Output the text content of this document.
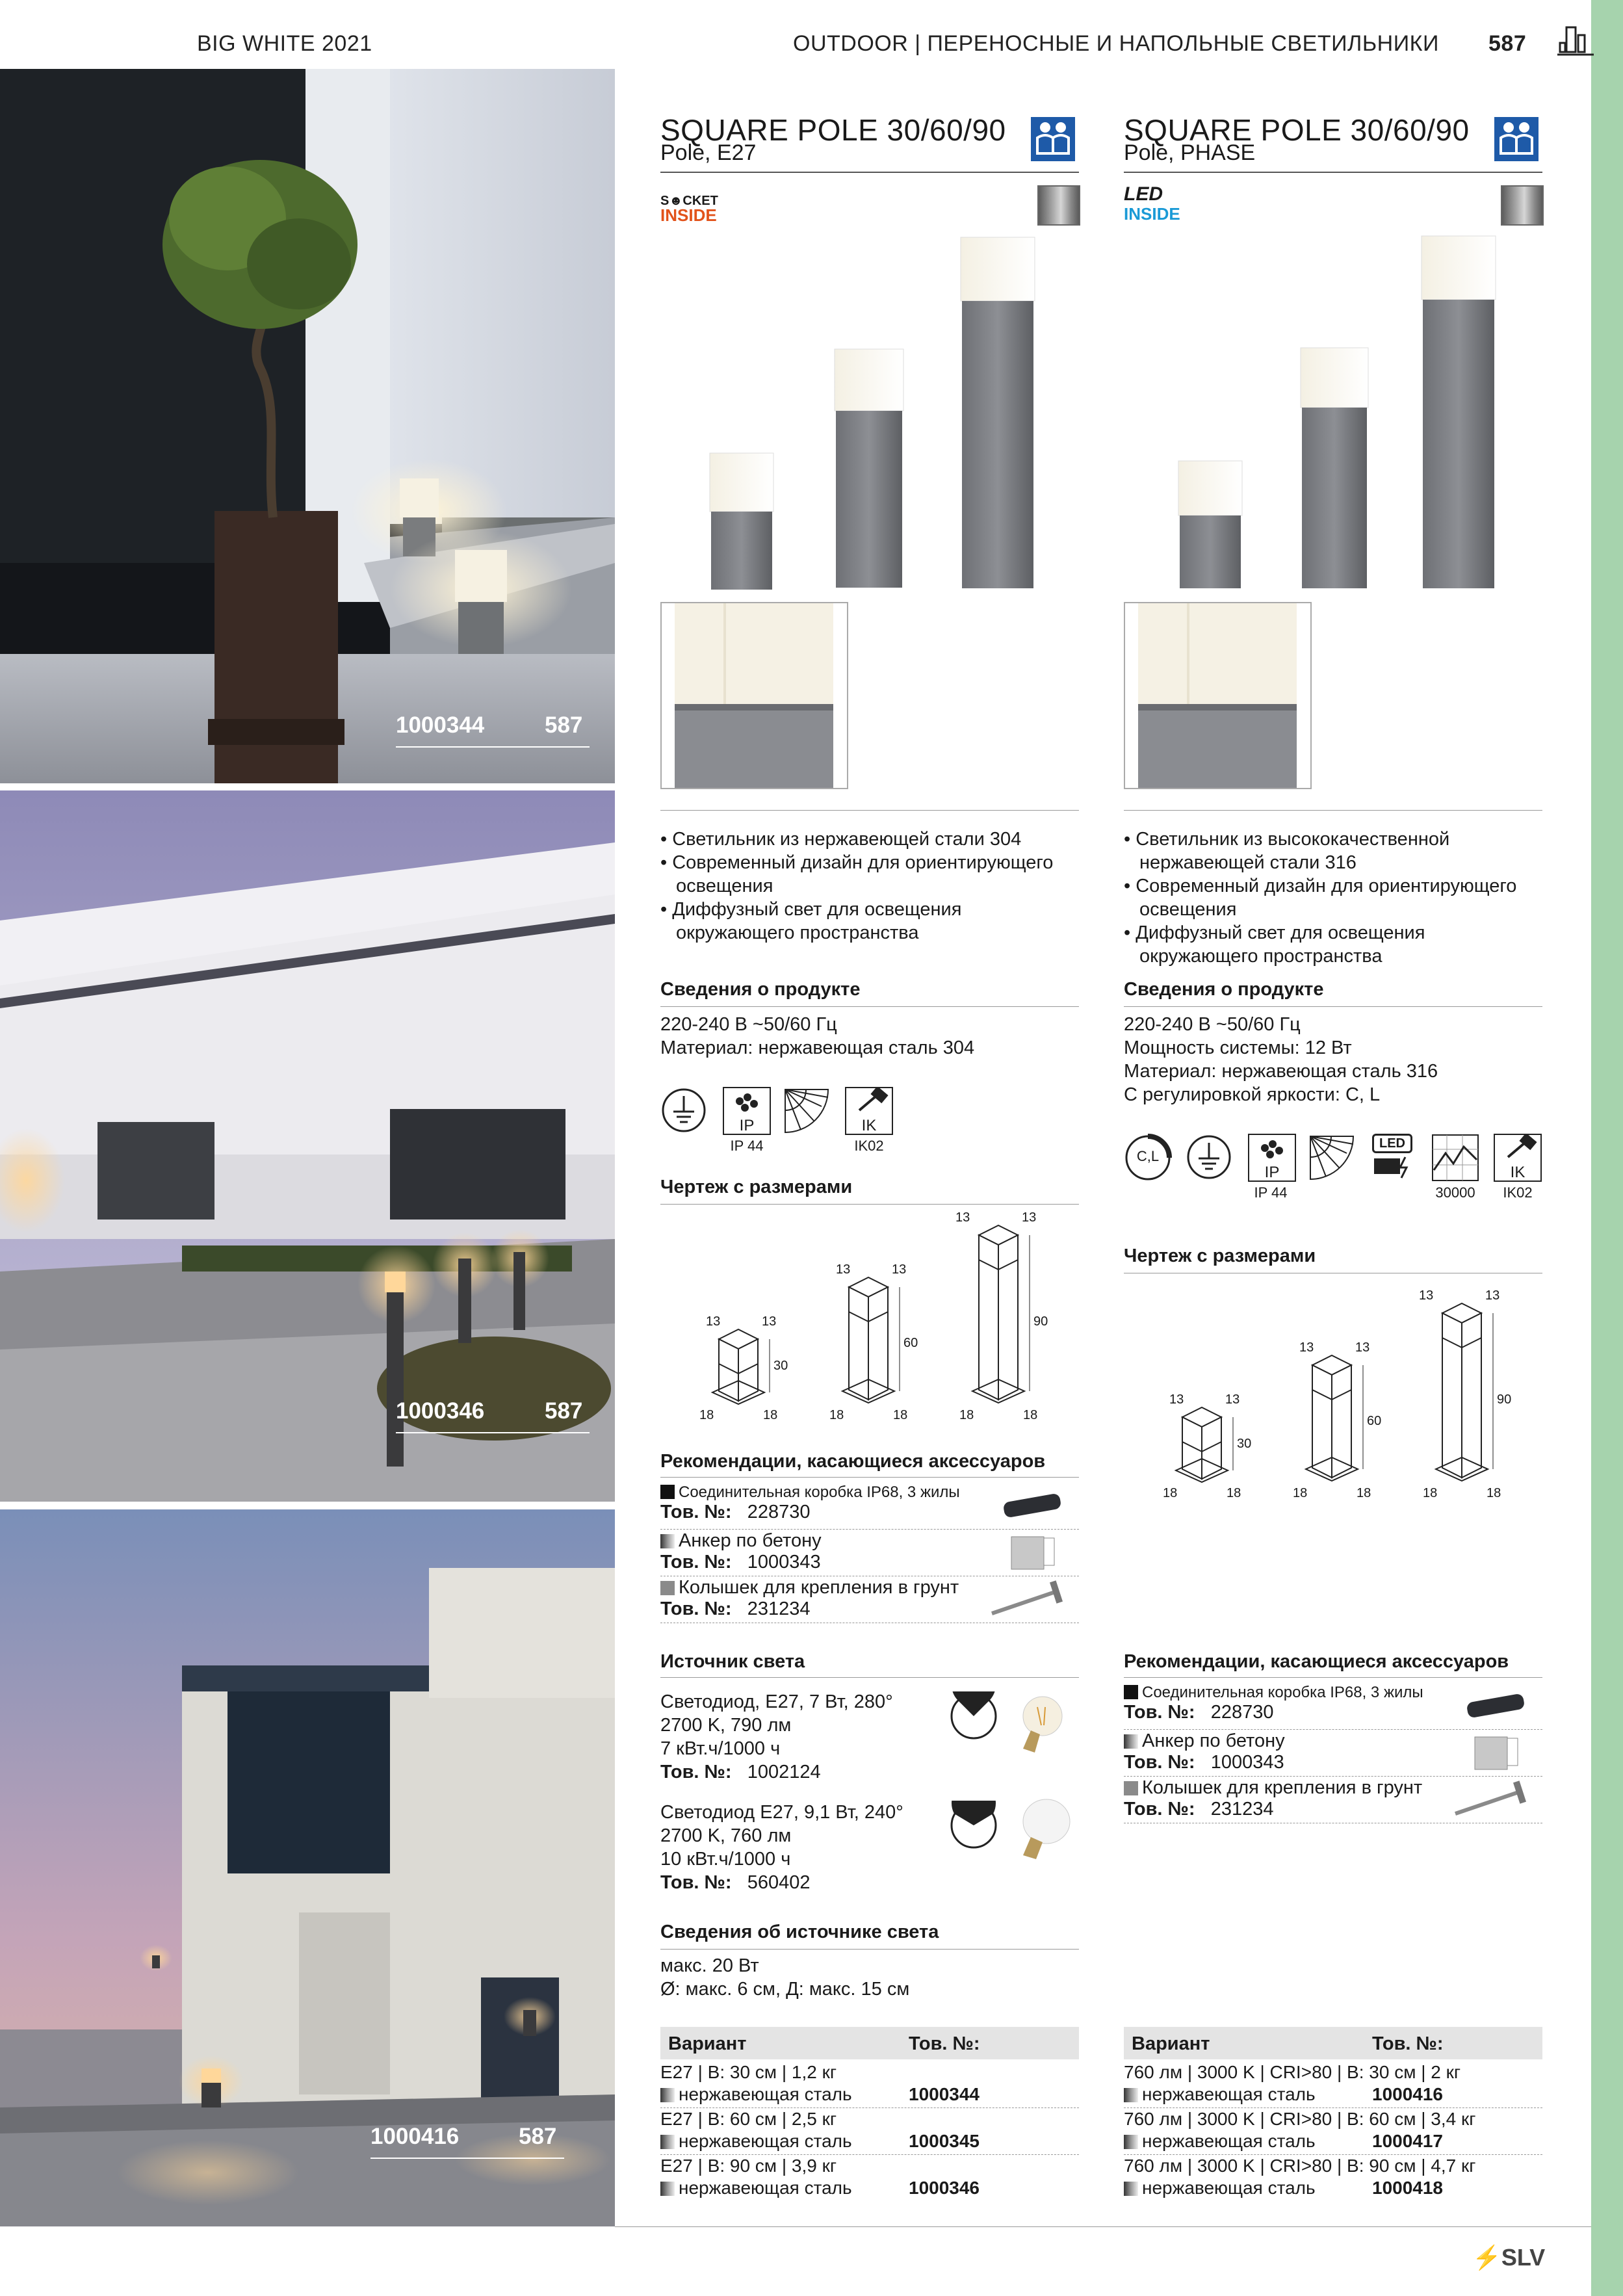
BIG WHITE 2021	OUTDOOR | ПЕРЕНОСНЫЕ И НАПОЛЬНЫЕ СВЕТИЛЬНИКИ 587
1000344	587
1000346	587
1000416	587
SQUARE POLE 30/60/90
Pole, E27
S☻CKET
INSIDE
• Светильник из нержавеющей стали 304
• Современный дизайн для ориентирующего освещения
• Диффузный свет для освещения окружающего пространства
Сведения о продукте
220-240 В ~50/60 Гц
Материал: нержавеющая сталь 304
IP	IK
IP 44	IK02
Чертеж с размерами
13	13
18	18
30
13	13
18	18
60
13	13
18	18
90
Рекомендации, касающиеся аксессуаров
Соединительная коробка IP68, 3 жилы
Тов. №: 228730
Анкер по бетону
Тов. №: 1000343
Колышек для крепления в грунт
Тов. №: 231234
Источник света
Светодиод, E27, 7 Вт, 280°
2700 K, 790 лм
7 кВт.ч/1000 ч
Тов. №: 1002124
Светодиод E27, 9,1 Вт, 240°
2700 K, 760 лм
10 кВт.ч/1000 ч
Тов. №: 560402
Сведения об источнике света
макс. 20 Вт
Ø: макс. 6 см, Д: макс. 15 см
Вариант	Тов. №:
E27 | В: 30 см | 1,2 кг
нержавеющая сталь	1000344
E27 | В: 60 см | 2,5 кг
нержавеющая сталь	1000345
E27 | В: 90 см | 3,9 кг
нержавеющая сталь	1000346
SQUARE POLE 30/60/90
Pole, PHASE
LED
INSIDE
• Светильник из высококачественной нержавеющей стали 316
• Современный дизайн для ориентирующего освещения
• Диффузный свет для освещения окружающего пространства
Сведения о продукте
220-240 В ~50/60 Гц
Мощность системы: 12 Вт
Материал: нержавеющая сталь 316
С регулировкой яркости: C, L
C,L
IP
LED
IK
IP 44	30000	IK02
Чертеж с размерами
13	13
18	18
30
13	13
18	18
60
13	13
18	18
90
Рекомендации, касающиеся аксессуаров
Соединительная коробка IP68, 3 жилы
Тов. №: 228730
Анкер по бетону
Тов. №: 1000343
Колышек для крепления в грунт
Тов. №: 231234
Вариант	Тов. №:
760 лм | 3000 K | CRI>80 | В: 30 см | 2 кг
нержавеющая сталь	1000416
760 лм | 3000 K | CRI>80 | В: 60 см | 3,4 кг
нержавеющая сталь	1000417
760 лм | 3000 K | CRI>80 | В: 90 см | 4,7 кг
нержавеющая сталь	1000418
⚡SLV
